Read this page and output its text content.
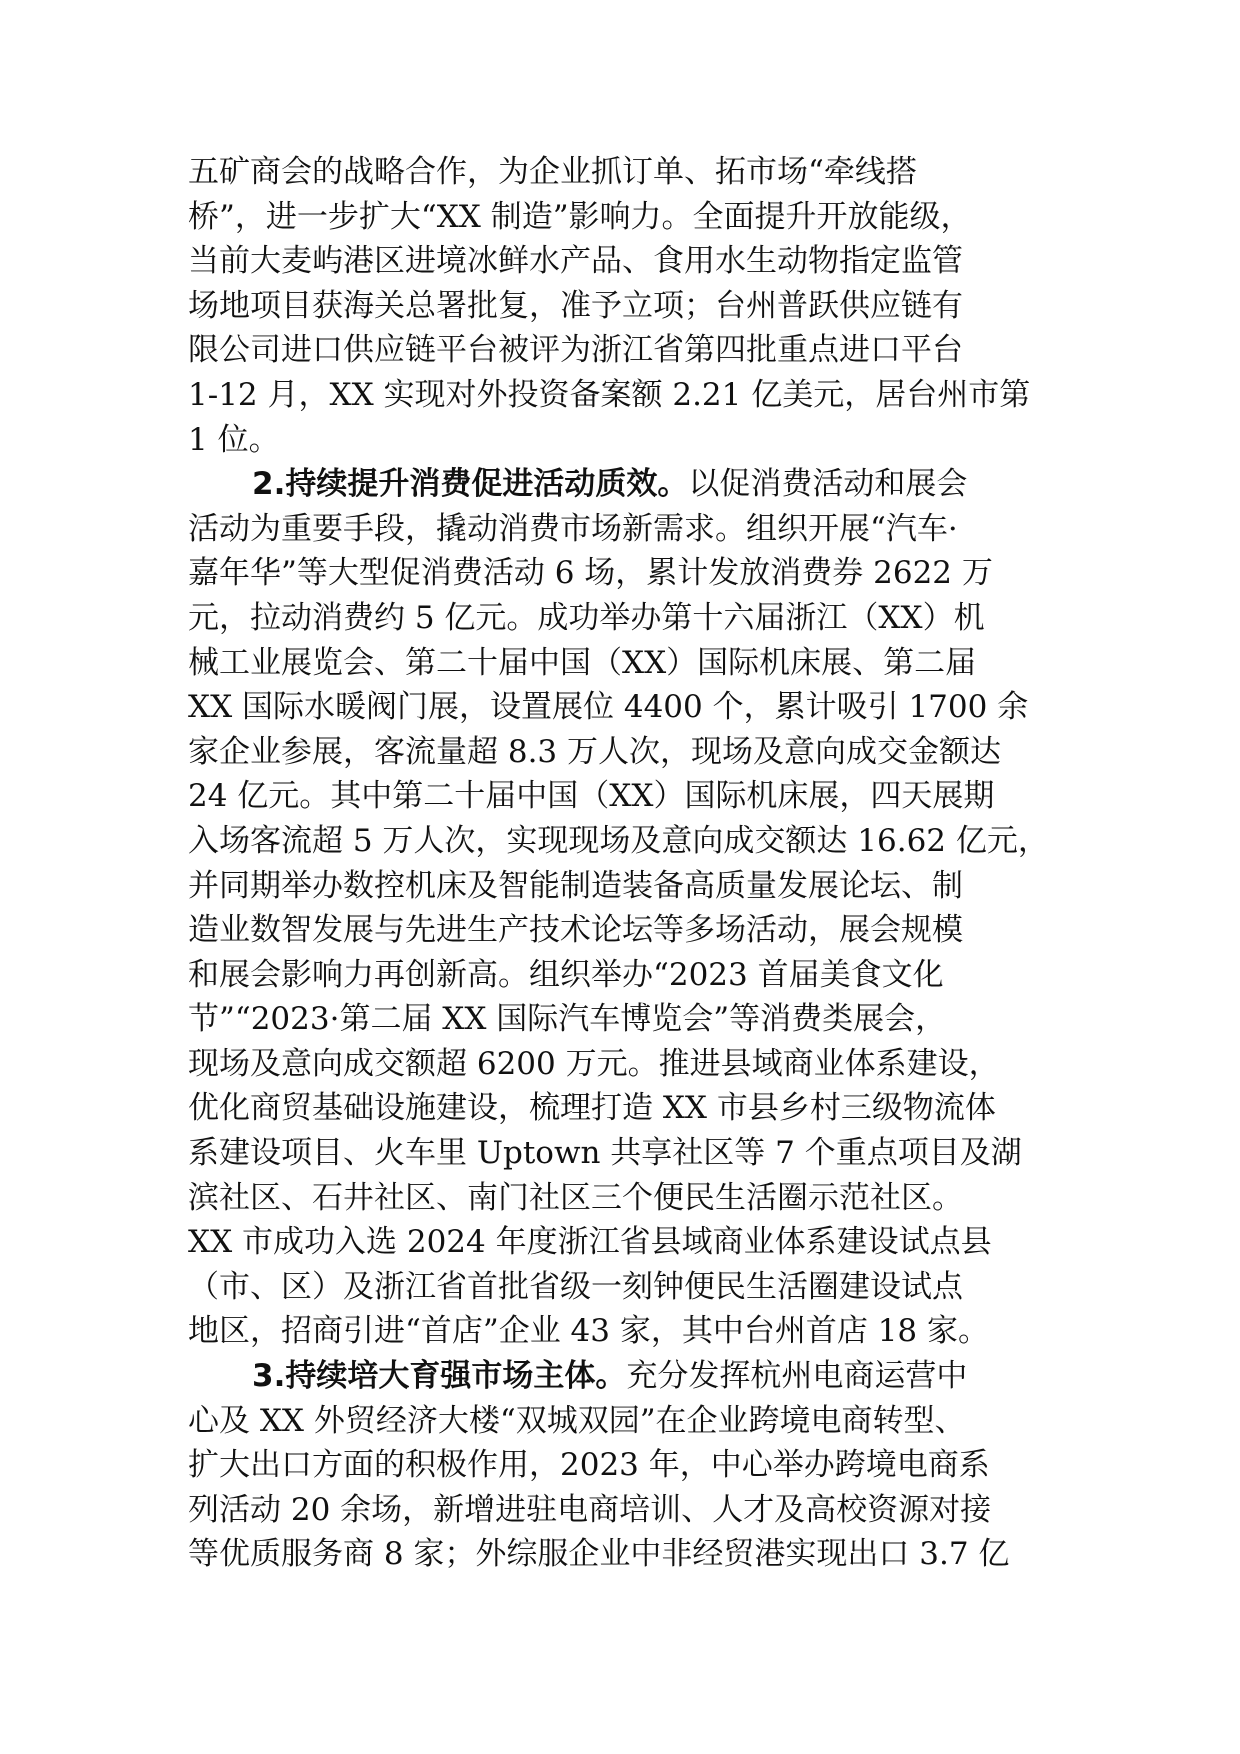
五矿商会的战略合作，为企业抓订单、拓市场“牵线搭
桥”，进一步扩大“XX 制造”影响力。全面提升开放能级，
当前大麦屿港区进境冰鲜水产品、食用水生动物指定监管
场地项目获海关总署批复，准予立项；台州普跃供应链有
限公司进口供应链平台被评为浙江省第四批重点进口平台
1-12 月，XX 实现对外投资备案额 2.21 亿美元，居台州市第
1 位。
2.持续提升消费促进活动质效。以促消费活动和展会
活动为重要手段，撬动消费市场新需求。组织开展“汽车·
嘉年华”等大型促消费活动 6 场，累计发放消费券 2622 万
元，拉动消费约 5 亿元。成功举办第十六届浙江（XX）机
械工业展览会、第二十届中国（XX）国际机床展、第二届
XX 国际水暖阀门展，设置展位 4400 个，累计吸引 1700 余
家企业参展，客流量超 8.3 万人次，现场及意向成交金额达
24 亿元。其中第二十届中国（XX）国际机床展，四天展期
入场客流超 5 万人次，实现现场及意向成交额达 16.62 亿元，
并同期举办数控机床及智能制造装备高质量发展论坛、制
造业数智发展与先进生产技术论坛等多场活动，展会规模
和展会影响力再创新高。组织举办“2023 首届美食文化
节”“2023·第二届 XX 国际汽车博览会”等消费类展会，
现场及意向成交额超 6200 万元。推进县域商业体系建设，
优化商贸基础设施建设，梳理打造 XX 市县乡村三级物流体
系建设项目、火车里 Uptown 共享社区等 7 个重点项目及湖
滨社区、石井社区、南门社区三个便民生活圈示范社区。
XX 市成功入选 2024 年度浙江省县域商业体系建设试点县
（市、区）及浙江省首批省级一刻钟便民生活圈建设试点
地区，招商引进“首店”企业 43 家，其中台州首店 18 家。
3.持续培大育强市场主体。充分发挥杭州电商运营中
心及 XX 外贸经济大楼“双城双园”在企业跨境电商转型、
扩大出口方面的积极作用，2023 年，中心举办跨境电商系
列活动 20 余场，新增进驻电商培训、人才及高校资源对接
等优质服务商 8 家；外综服企业中非经贸港实现出口 3.7 亿
